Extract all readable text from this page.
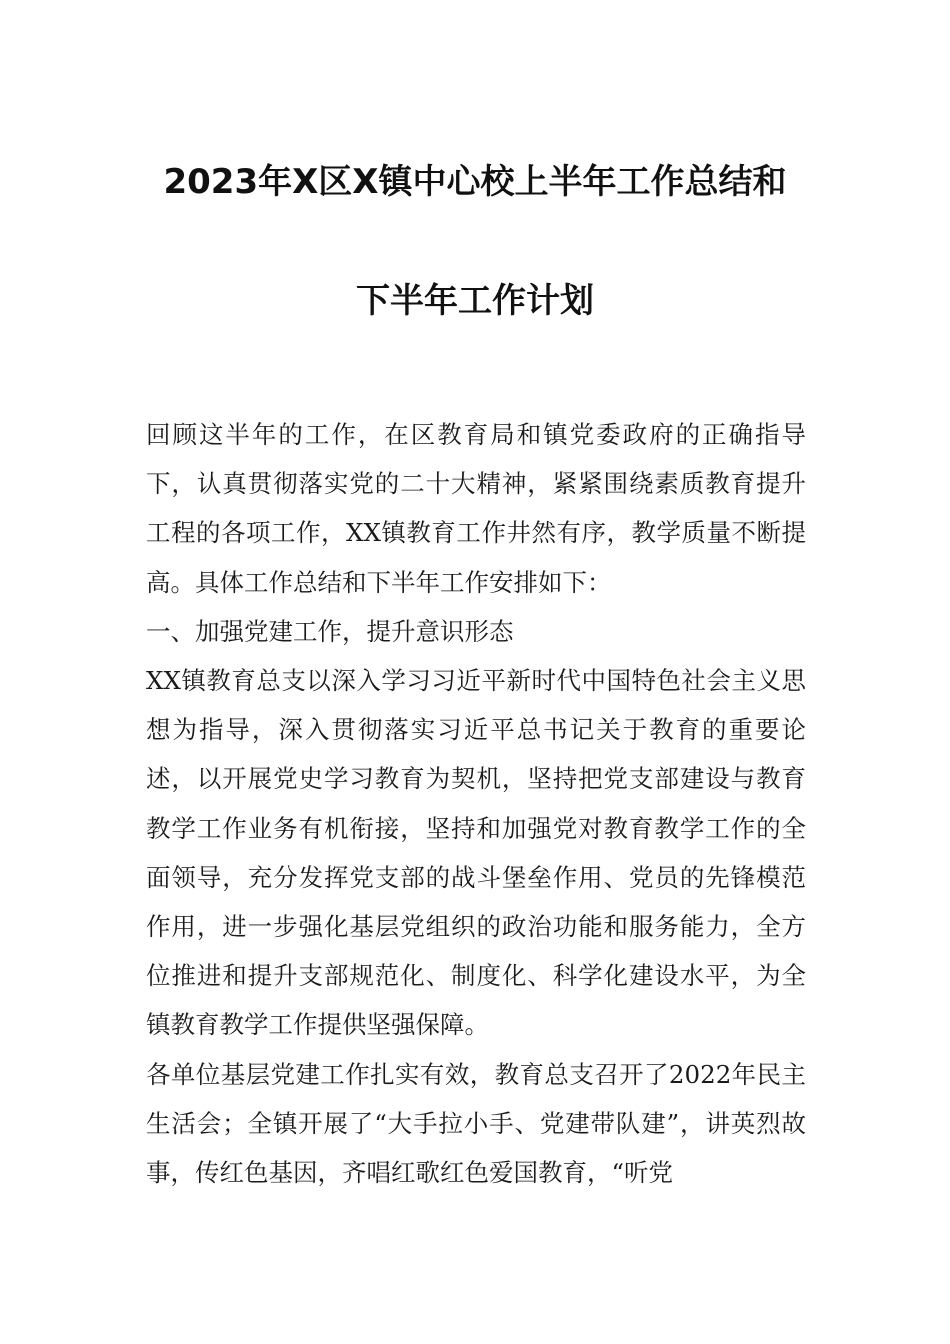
2023年X区X镇中心校上半年工作总结和
下半年工作计划

回顾这半年的工作，在区教育局和镇党委政府的正确指导下，认真贯彻落实党的二十大精神，紧紧围绕素质教育提升工程的各项工作，XX镇教育工作井然有序，教学质量不断提高。具体工作总结和下半年工作安排如下：

一、加强党建工作，提升意识形态

XX镇教育总支以深入学习习近平新时代中国特色社会主义思想为指导，深入贯彻落实习近平总书记关于教育的重要论述，以开展党史学习教育为契机，坚持把党支部建设与教育教学工作业务有机衔接，坚持和加强党对教育教学工作的全面领导，充分发挥党支部的战斗堡垒作用、党员的先锋模范作用，进一步强化基层党组织的政治功能和服务能力，全方位推进和提升支部规范化、制度化、科学化建设水平，为全镇教育教学工作提供坚强保障。

各单位基层党建工作扎实有效，教育总支召开了2022年民主生活会；全镇开展了“大手拉小手、党建带队建”，讲英烈故事，传红色基因，齐唱红歌红色爱国教育，“听党
